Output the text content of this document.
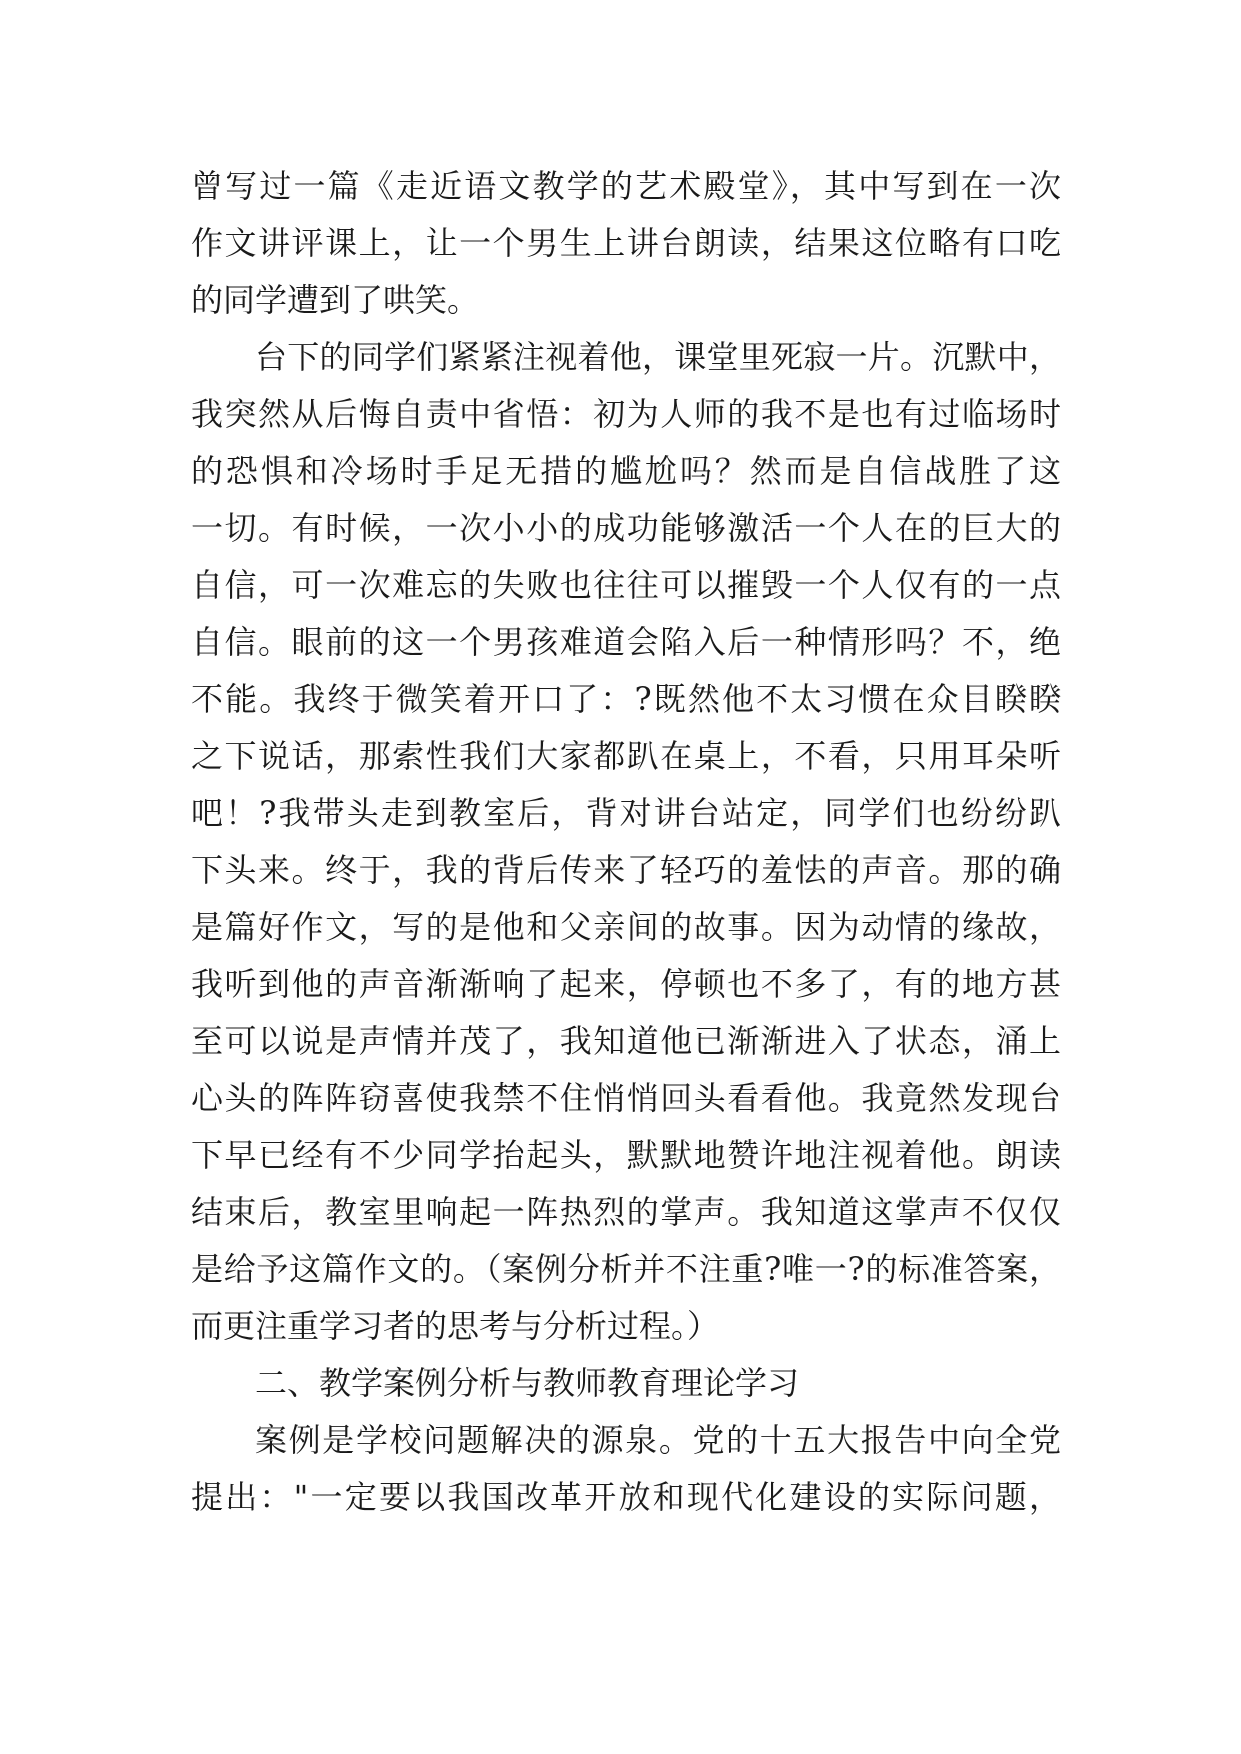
曾写过一篇《走近语文教学的艺术殿堂》，其中写到在一次
作文讲评课上，让一个男生上讲台朗读，结果这位略有口吃
的同学遭到了哄笑。
台下的同学们紧紧注视着他，课堂里死寂一片。沉默中，
我突然从后悔自责中省悟：初为人师的我不是也有过临场时
的恐惧和冷场时手足无措的尴尬吗？然而是自信战胜了这
一切。有时候，一次小小的成功能够激活一个人在的巨大的
自信，可一次难忘的失败也往往可以摧毁一个人仅有的一点
自信。眼前的这一个男孩难道会陷入后一种情形吗？不，绝
不能。我终于微笑着开口了：?既然他不太习惯在众目睽睽
之下说话，那索性我们大家都趴在桌上，不看，只用耳朵听
吧！?我带头走到教室后，背对讲台站定，同学们也纷纷趴
下头来。终于，我的背后传来了轻巧的羞怯的声音。那的确
是篇好作文，写的是他和父亲间的故事。因为动情的缘故，
我听到他的声音渐渐响了起来，停顿也不多了，有的地方甚
至可以说是声情并茂了，我知道他已渐渐进入了状态，涌上
心头的阵阵窃喜使我禁不住悄悄回头看看他。我竟然发现台
下早已经有不少同学抬起头，默默地赞许地注视着他。朗读
结束后，教室里响起一阵热烈的掌声。我知道这掌声不仅仅
是给予这篇作文的。（案例分析并不注重?唯一?的标准答案，
而更注重学习者的思考与分析过程。）
二、教学案例分析与教师教育理论学习
案例是学校问题解决的源泉。党的十五大报告中向全党
提出："一定要以我国改革开放和现代化建设的实际问题，
